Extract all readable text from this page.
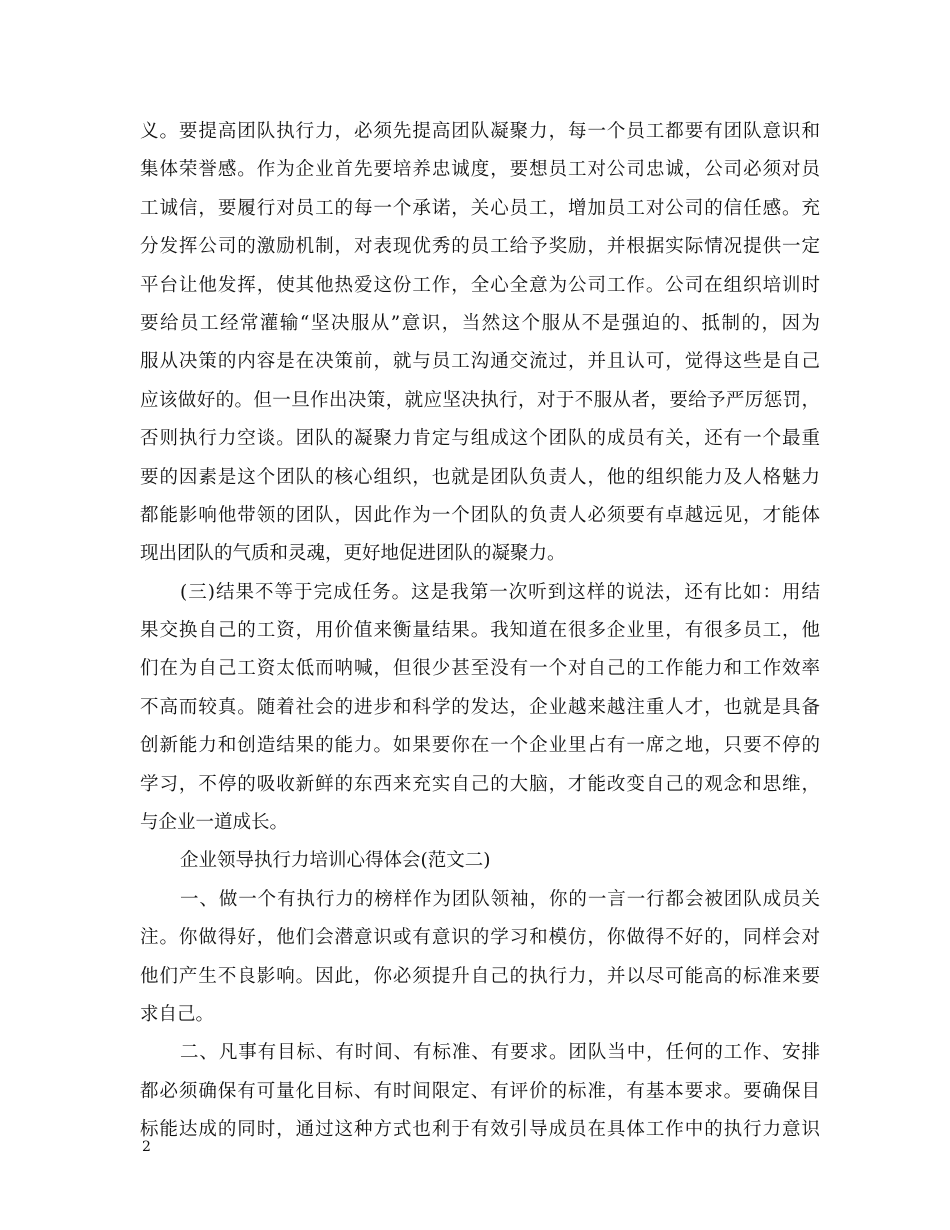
义。要提高团队执行力，必须先提高团队凝聚力，每一个员工都要有团队意识和
集体荣誉感。作为企业首先要培养忠诚度，要想员工对公司忠诚，公司必须对员
工诚信，要履行对员工的每一个承诺，关心员工，增加员工对公司的信任感。充
分发挥公司的激励机制，对表现优秀的员工给予奖励，并根据实际情况提供一定
平台让他发挥，使其他热爱这份工作，全心全意为公司工作。公司在组织培训时
要给员工经常灌输“坚决服从”意识，当然这个服从不是强迫的、抵制的，因为
服从决策的内容是在决策前，就与员工沟通交流过，并且认可，觉得这些是自己
应该做好的。但一旦作出决策，就应坚决执行，对于不服从者，要给予严厉惩罚，
否则执行力空谈。团队的凝聚力肯定与组成这个团队的成员有关，还有一个最重
要的因素是这个团队的核心组织，也就是团队负责人，他的组织能力及人格魅力
都能影响他带领的团队，因此作为一个团队的负责人必须要有卓越远见，才能体
现出团队的气质和灵魂，更好地促进团队的凝聚力。
(三)结果不等于完成任务。这是我第一次听到这样的说法，还有比如：用结
果交换自己的工资，用价值来衡量结果。我知道在很多企业里，有很多员工，他
们在为自己工资太低而呐喊，但很少甚至没有一个对自己的工作能力和工作效率
不高而较真。随着社会的进步和科学的发达，企业越来越注重人才，也就是具备
创新能力和创造结果的能力。如果要你在一个企业里占有一席之地，只要不停的
学习，不停的吸收新鲜的东西来充实自己的大脑，才能改变自己的观念和思维，
与企业一道成长。
企业领导执行力培训心得体会(范文二)
一、做一个有执行力的榜样作为团队领袖，你的一言一行都会被团队成员关
注。你做得好，他们会潜意识或有意识的学习和模仿，你做得不好的，同样会对
他们产生不良影响。因此，你必须提升自己的执行力，并以尽可能高的标准来要
求自己。
二、凡事有目标、有时间、有标准、有要求。团队当中，任何的工作、安排
都必须确保有可量化目标、有时间限定、有评价的标准，有基本要求。要确保目
标能达成的同时，通过这种方式也利于有效引导成员在具体工作中的执行力意识
2
